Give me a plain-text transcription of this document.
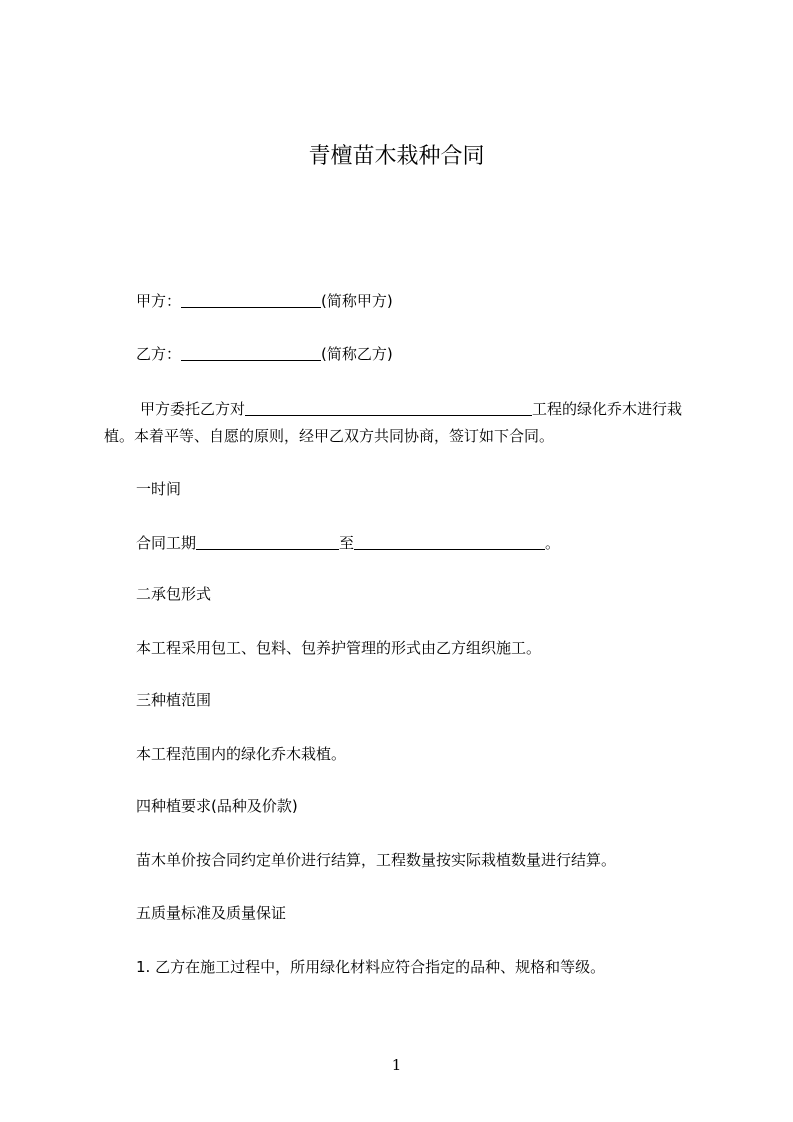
青檀苗木栽种合同
甲方：	(简称甲方)
乙方：	(简称乙方)
甲方委托乙方对	工程的绿化乔木进行栽
植。本着平等、自愿的原则，经甲乙双方共同协商，签订如下合同。
一时间
合同工期	至	。
二承包形式
本工程采用包工、包料、包养护管理的形式由乙方组织施工。
三种植范围
本工程范围内的绿化乔木栽植。
四种植要求(品种及价款)
苗木单价按合同约定单价进行结算，工程数量按实际栽植数量进行结算。
五质量标准及质量保证
1. 乙方在施工过程中，所用绿化材料应符合指定的品种、规格和等级。
1
